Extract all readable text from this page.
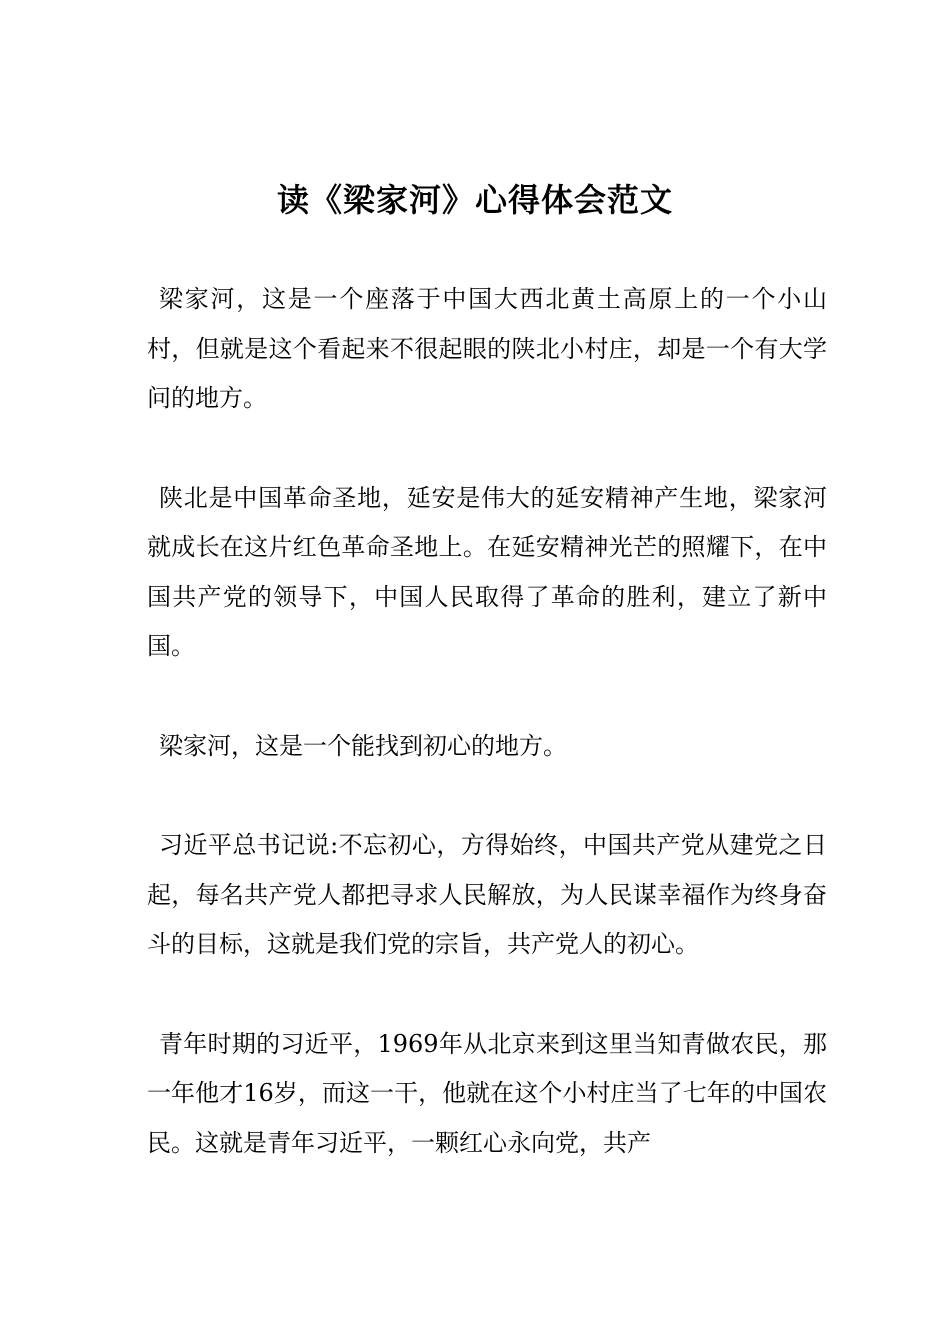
读《梁家河》心得体会范文

梁家河，这是一个座落于中国大西北黄土高原上的一个小山村，但就是这个看起来不很起眼的陕北小村庄，却是一个有大学问的地方。

陕北是中国革命圣地，延安是伟大的延安精神产生地，梁家河就成长在这片红色革命圣地上。在延安精神光芒的照耀下，在中国共产党的领导下，中国人民取得了革命的胜利，建立了新中国。

梁家河，这是一个能找到初心的地方。

习近平总书记说:不忘初心，方得始终，中国共产党从建党之日起，每名共产党人都把寻求人民解放，为人民谋幸福作为终身奋斗的目标，这就是我们党的宗旨，共产党人的初心。

青年时期的习近平，1969年从北京来到这里当知青做农民，那一年他才16岁，而这一干，他就在这个小村庄当了七年的中国农民。这就是青年习近平，一颗红心永向党，共产
